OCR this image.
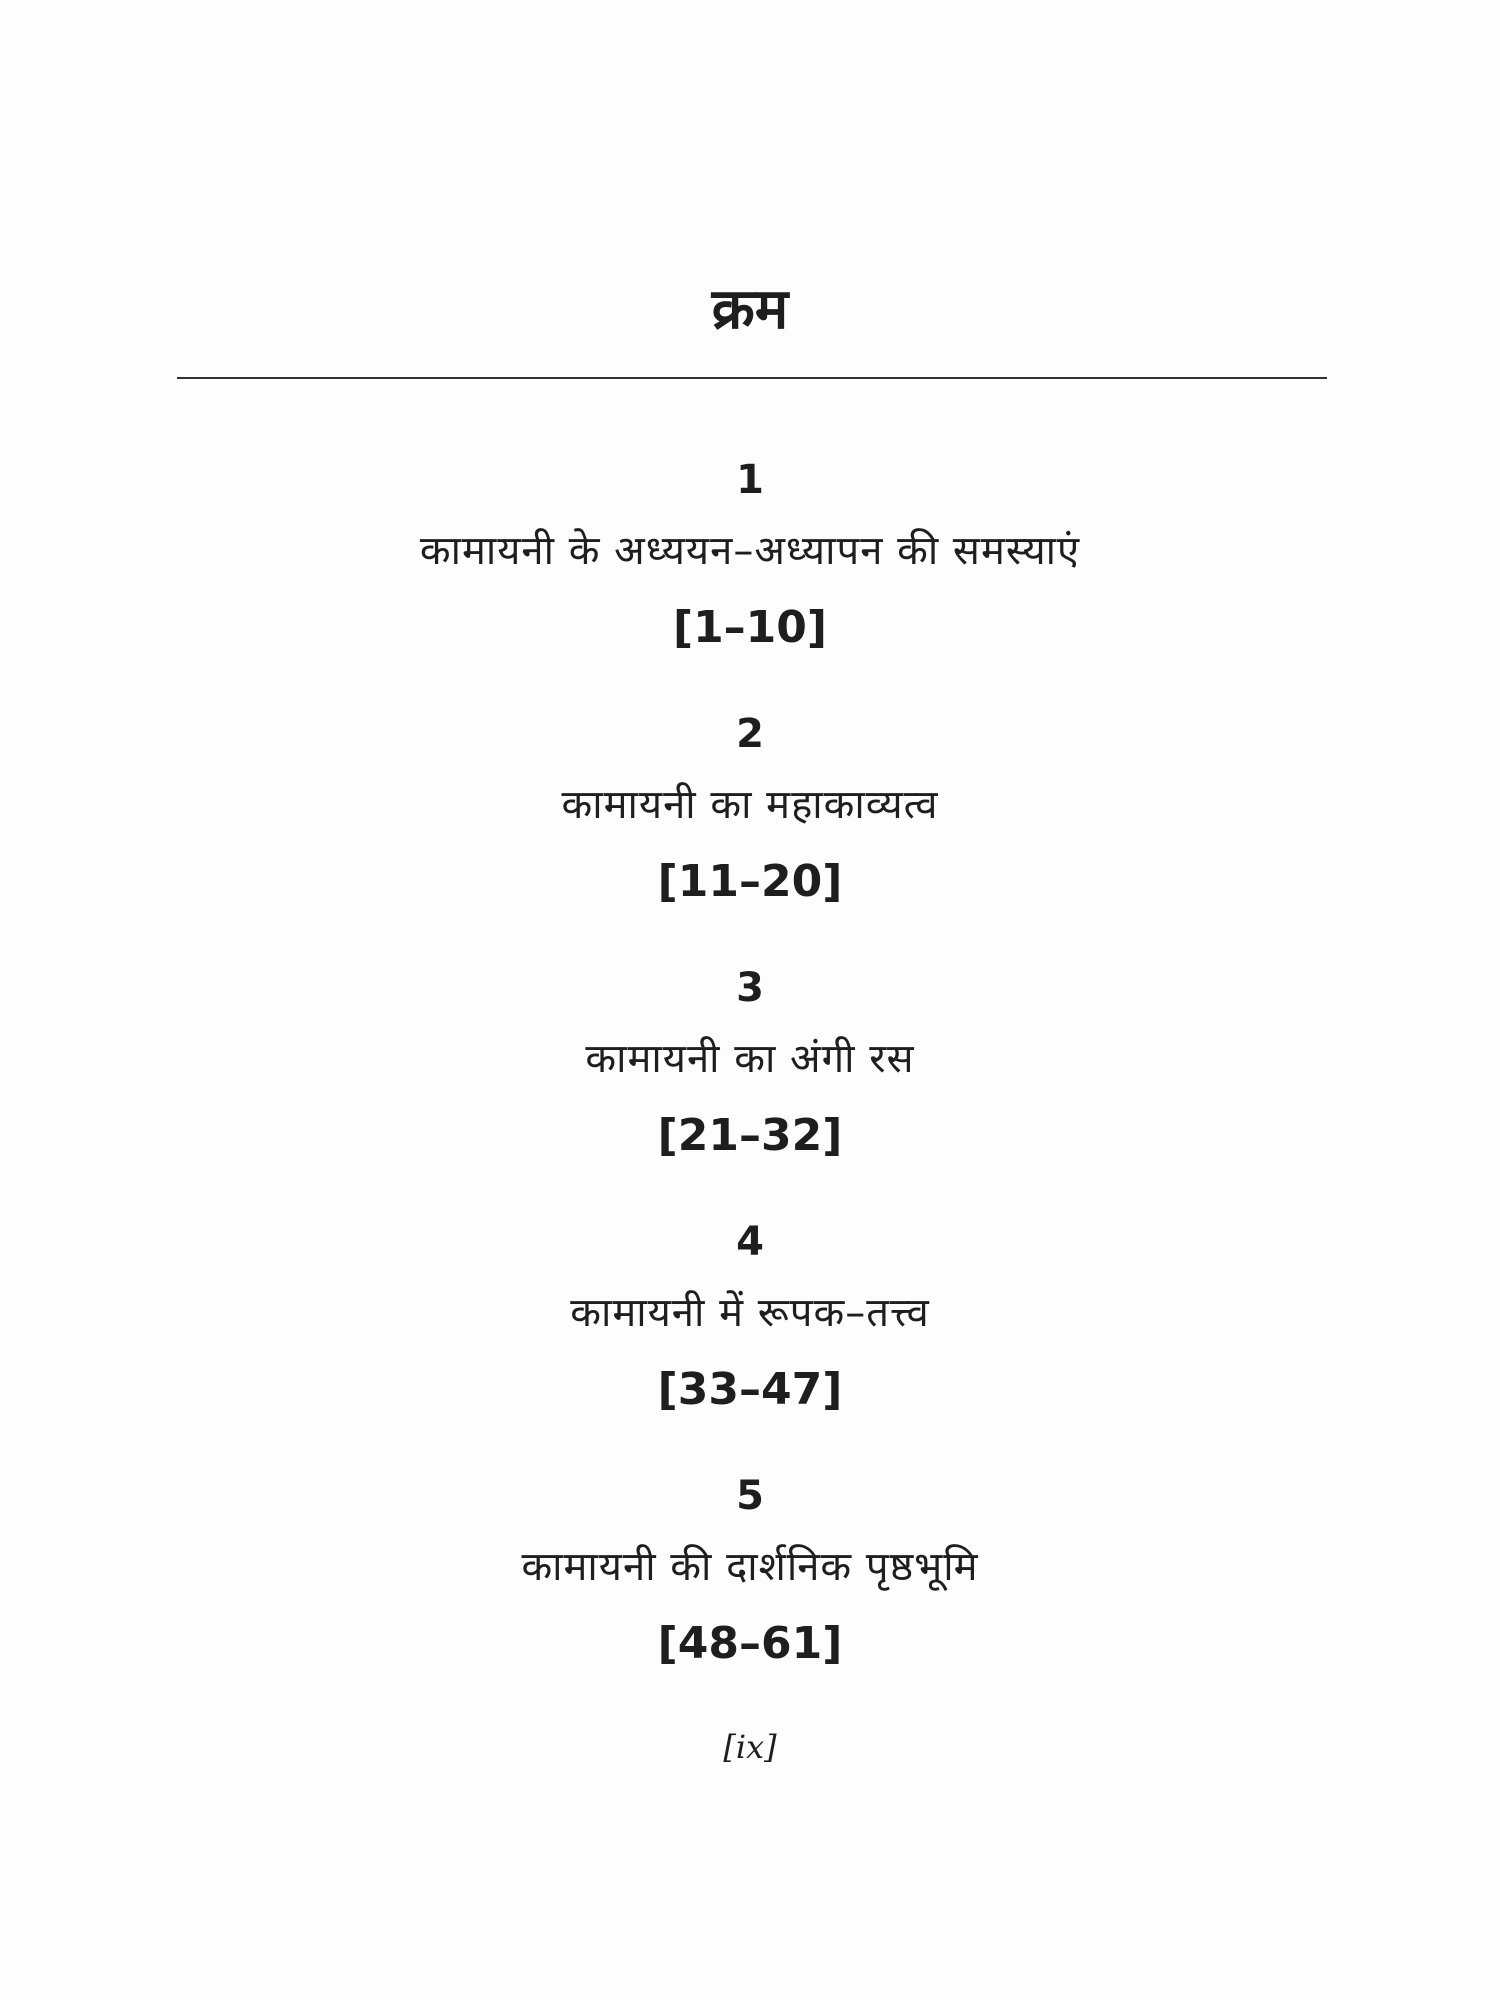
क्रम
1
कामायनी के अध्ययन–अध्यापन की समस्याएं
[1–10]
2
कामायनी का महाकाव्यत्व
[11–20]
3
कामायनी का अंगी रस
[21–32]
4
कामायनी में रूपक–तत्त्व
[33–47]
5
कामायनी की दार्शनिक पृष्ठभूमि
[48–61]
[ix]
